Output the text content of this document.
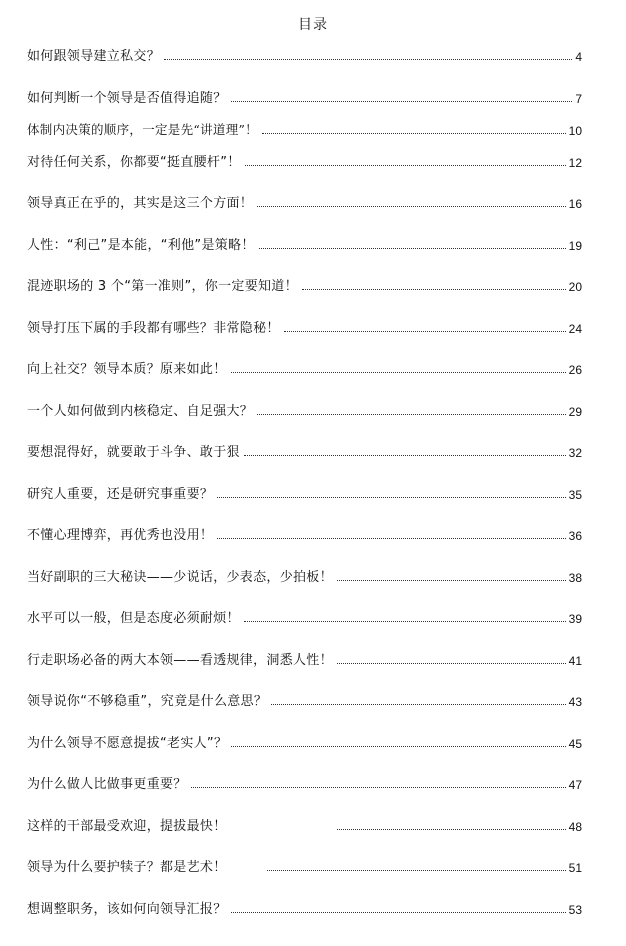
目录
如何跟领导建立私交？	4
如何判断一个领导是否值得追随？	7
体制内决策的顺序，一定是先“讲道理”！	10
对待任何关系，你都要“挺直腰杆”！	12
领导真正在乎的，其实是这三个方面！	16
人性：“利己”是本能，“利他”是策略！	19
混迹职场的 3 个“第一准则”，你一定要知道！	20
领导打压下属的手段都有哪些？非常隐秘！	24
向上社交？领导本质？原来如此！	26
一个人如何做到内核稳定、自足强大？	29
要想混得好，就要敢于斗争、敢于狠	32
研究人重要，还是研究事重要？	35
不懂心理博弈，再优秀也没用！	36
当好副职的三大秘诀——少说话，少表态，少拍板！	38
水平可以一般，但是态度必须耐烦！	39
行走职场必备的两大本领——看透规律，洞悉人性！	41
领导说你“不够稳重”，究竟是什么意思？	43
为什么领导不愿意提拔“老实人”？	45
为什么做人比做事更重要？	47
这样的干部最受欢迎，提拔最快！	48
领导为什么要护犊子？都是艺术！	51
想调整职务，该如何向领导汇报？	53
